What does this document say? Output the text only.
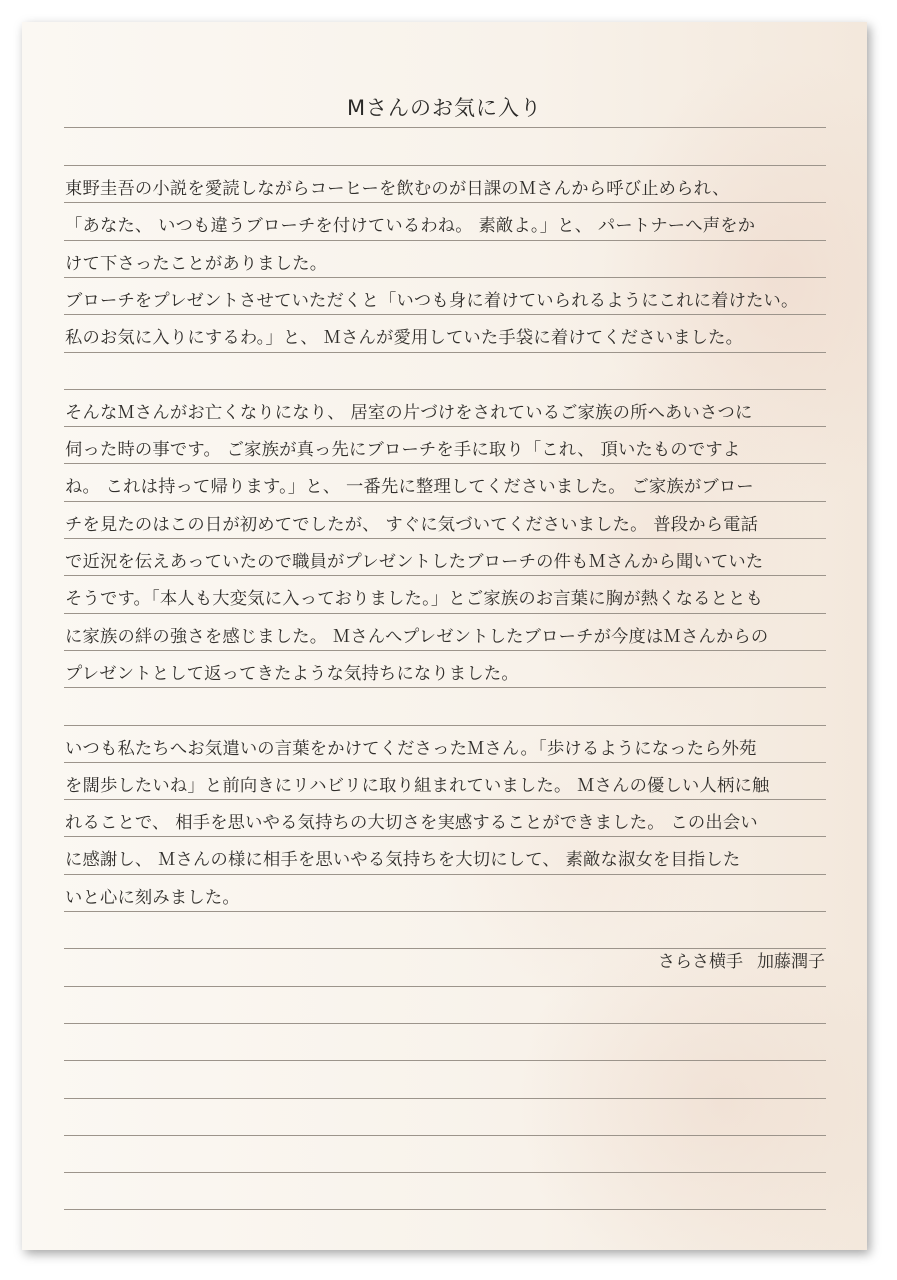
Mさんのお気に入り
東野圭吾の小説を愛読しながらコーヒーを飲むのが日課のＭさんから呼び止められ、
「あなた、 いつも違うブローチを付けているわね。 素敵よ。」と、 パートナーへ声をか
けて下さったことがありました。
ブローチをプレゼントさせていただくと「いつも身に着けていられるようにこれに着けたい。
私のお気に入りにするわ。」と、 Ｍさんが愛用していた手袋に着けてくださいました。
そんなＭさんがお亡くなりになり、 居室の片づけをされているご家族の所へあいさつに
伺った時の事です。 ご家族が真っ先にブローチを手に取り「これ、 頂いたものですよ
ね。 これは持って帰ります。」と、 一番先に整理してくださいました。 ご家族がブロー
チを見たのはこの日が初めてでしたが、 すぐに気づいてくださいました。 普段から電話
で近況を伝えあっていたので職員がプレゼントしたブローチの件もＭさんから聞いていた
そうです。「本人も大変気に入っておりました。」とご家族のお言葉に胸が熱くなるととも
に家族の絆の強さを感じました。 Ｍさんへプレゼントしたブローチが今度はＭさんからの
プレゼントとして返ってきたような気持ちになりました。
いつも私たちへお気遣いの言葉をかけてくださったＭさん。「歩けるようになったら外苑
を闊歩したいね」と前向きにリハビリに取り組まれていました。 Ｍさんの優しい人柄に触
れることで、 相手を思いやる気持ちの大切さを実感することができました。 この出会い
に感謝し、 Ｍさんの様に相手を思いやる気持ちを大切にして、 素敵な淑女を目指した
いと心に刻みました。
さらさ横手 加藤潤子
